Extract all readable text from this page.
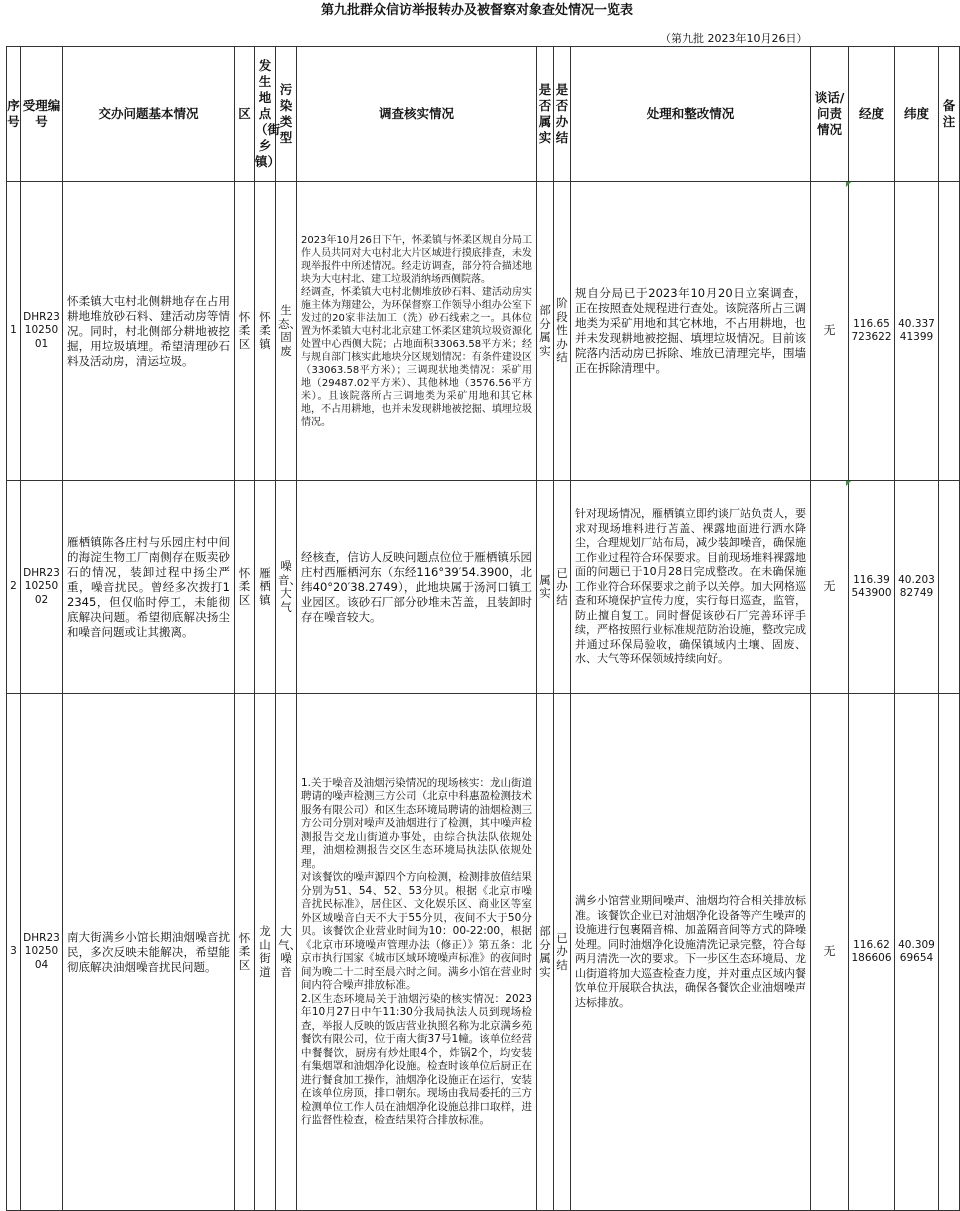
第九批群众信访举报转办及被督察对象查处情况一览表
（第九批 2023年10月26日）
序号	受理编号	交办问题基本情况	区	发生地点（街乡镇）	污染类型	调查核实情况	是否属实	是否办结	处理和整改情况	谈话/问责情况	经度	纬度	备注
1	DHR231025001	怀柔镇大屯村北侧耕地存在占用耕地堆放砂石料、建活动房等情况。同时，村北侧部分耕地被挖掘，用垃圾填埋。希望清理砂石料及活动房，清运垃圾。	怀柔区	怀柔镇	生态、固废	2023年10月26日下午，怀柔镇与怀柔区规自分局工作人员共同对大屯村北大片区域进行摸底排查，未发现举报件中所述情况。经走访调查，部分符合描述地块为大屯村北、建工垃圾消纳场西侧院落。
经调查，怀柔镇大屯村北侧堆放砂石料、建活动房实施主体为翔建公，为环保督察工作领导小组办公室下发过的20家非法加工（洗）砂石线索之一。具体位置为怀柔镇大屯村北北京建工怀柔区建筑垃圾资源化处置中心西侧大院；占地面积33063.58平方米；经与规自部门核实此地块分区规划情况：有条件建设区（33063.58平方米）；三调现状地类情况：采矿用地（29487.02平方米）、其他林地（3576.56平方米）。且该院落所占三调地类为采矿用地和其它林地，不占用耕地，也并未发现耕地被挖掘、填埋垃圾情况。	部分属实	阶段性办结	规自分局已于2023年10月20日立案调查，正在按照查处规程进行查处。该院落所占三调地类为采矿用地和其它林地，不占用耕地，也并未发现耕地被挖掘、填埋垃圾情况。目前该院落内活动房已拆除、堆放已清理完毕，围墙正在拆除清理中。	无	116.65723622	40.33741399	
2	DHR231025002	雁栖镇陈各庄村与乐园庄村中间的海淀生物工厂南侧存在贩卖砂石的情况，装卸过程中扬尘严重，噪音扰民。曾经多次拨打12345，但仅临时停工，未能彻底解决问题。希望彻底解决扬尘和噪音问题或让其搬离。	怀柔区	雁栖镇	噪音、大气	经核查，信访人反映问题点位位于雁栖镇乐园庄村西雁栖河东（东经116°39′54.3900，北纬40°20′38.2749），此地块属于汤河口镇工业园区。该砂石厂部分砂堆未苫盖，且装卸时存在噪音较大。	属实	已办结	针对现场情况，雁栖镇立即约谈厂站负责人，要求对现场堆料进行苫盖、裸露地面进行洒水降尘，合理规划厂站布局，减少装卸噪音，确保施工作业过程符合环保要求。目前现场堆料裸露地面的问题已于10月28日完成整改。在未确保施工作业符合环保要求之前予以关停。加大网格巡查和环境保护宣传力度，实行每日巡查，监管，防止擅自复工。同时督促该砂石厂完善环评手续，严格按照行业标准规范防治设施，整改完成并通过环保局验收，确保镇域内土壤、固废、水、大气等环保领域持续向好。	无	116.39543900	40.20382749	
3	DHR231025004	南大街满乡小馆长期油烟噪音扰民，多次反映未能解决，希望能彻底解决油烟噪音扰民问题。	怀柔区	龙山街道	大气、噪音	1.关于噪音及油烟污染情况的现场核实：龙山街道聘请的噪声检测三方公司（北京中科惠盈检测技术服务有限公司）和区生态环境局聘请的油烟检测三方公司分别对噪声及油烟进行了检测，其中噪声检测报告交龙山街道办事处，由综合执法队依规处理，油烟检测报告交区生态环境局执法队依规处理。
对该餐饮的噪声源四个方向检测，检测排放值结果分别为51、54、52、53分贝。根据《北京市噪音扰民标准》，居住区、文化娱乐区、商业区等室外区域噪音白天不大于55分贝，夜间不大于50分贝。该餐饮企业营业时间为10：00-22:00，根据《北京市环境噪声管理办法（修正）》第五条：北京市执行国家《城市区域环境噪声标准》的夜间时间为晚二十二时至晨六时之间。满乡小馆在营业时间内符合噪声排放标准。
2.区生态环境局关于油烟污染的核实情况：2023年10月27日中午11:30分我局执法人员到现场检查，举报人反映的饭店营业执照名称为北京满乡苑餐饮有限公司，位于南大街37号1幢。该单位经营中餐餐饮，厨房有炒灶眼4个，炸锅2个，均安装有集烟罩和油烟净化设施。检查时该单位后厨正在进行餐食加工操作，油烟净化设施正在运行，安装在该单位房顶，排口朝东。现场由我局委托的三方检测单位工作人员在油烟净化设施总排口取样，进行监督性检查，检查结果符合排放标准。	部分属实	已办结	满乡小馆营业期间噪声、油烟均符合相关排放标准。该餐饮企业已对油烟净化设备等产生噪声的设施进行包裹隔音棉、加盖隔音间等方式的降噪处理。同时油烟净化设施清洗记录完整，符合每两月清洗一次的要求。下一步区生态环境局、龙山街道将加大巡查检查力度，并对重点区域内餐饮单位开展联合执法，确保各餐饮企业油烟噪声达标排放。	无	116.62186606	40.30969654	
